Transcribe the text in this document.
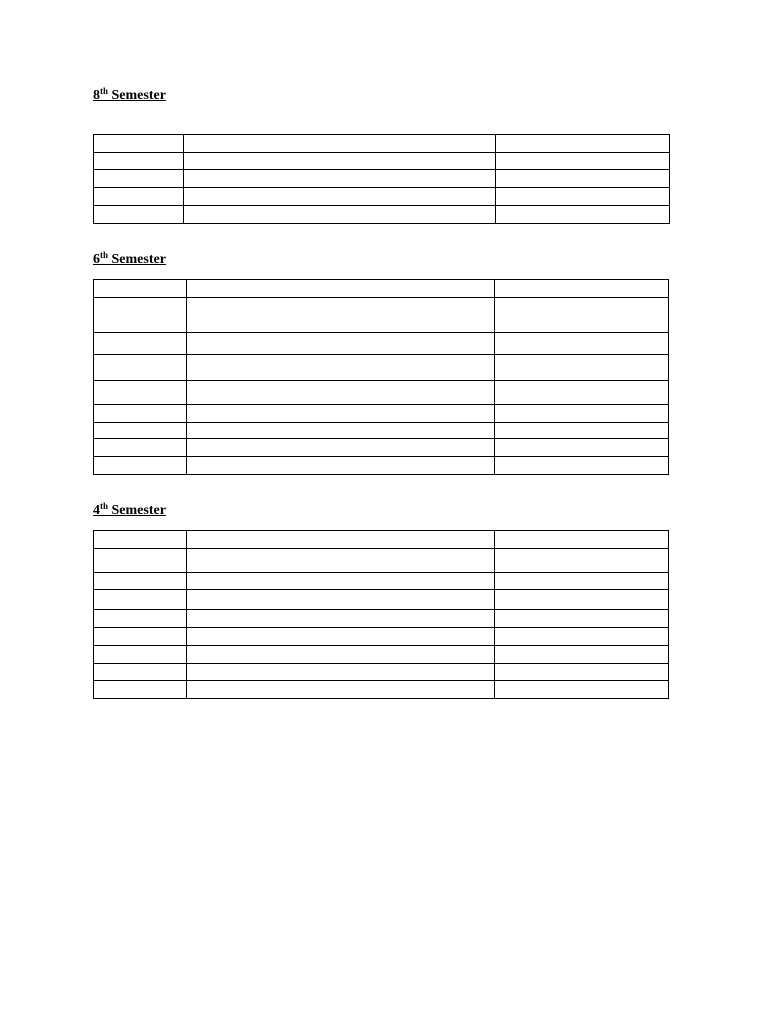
8th Semester

6th Semester

4th Semester
